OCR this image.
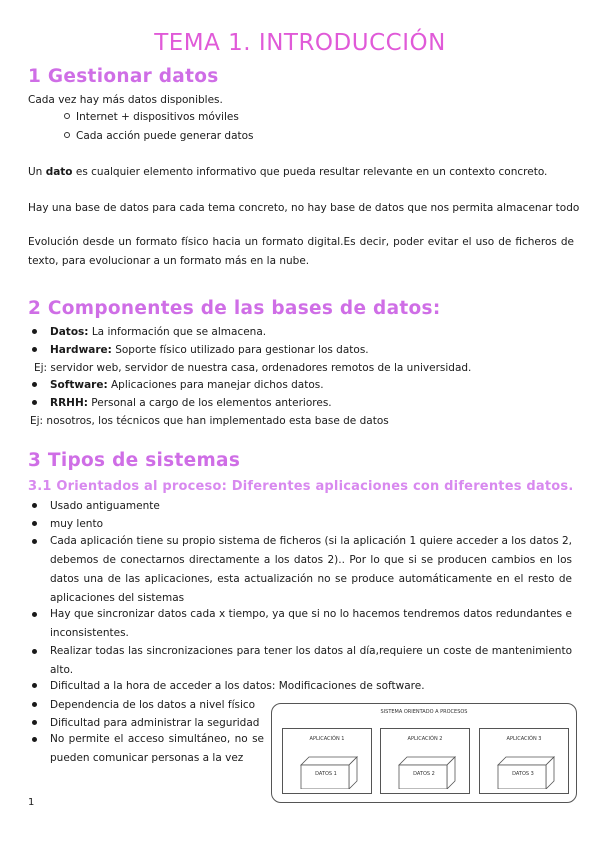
TEMA 1. INTRODUCCIÓN
1 Gestionar datos
Cada vez hay más datos disponibles.
Internet + dispositivos móviles
Cada acción puede generar datos
Un dato es cualquier elemento informativo que pueda resultar relevante en un contexto concreto.
Hay una base de datos para cada tema concreto, no hay base de datos que nos permita almacenar todo
Evolución desde un formato físico hacia un formato digital.Es decir, poder evitar el uso de ficheros de texto, para evolucionar a un formato más en la nube.
2 Componentes de las bases de datos:
Datos: La información que se almacena.
Hardware: Soporte físico utilizado para gestionar los datos.
Ej: servidor web, servidor de nuestra casa, ordenadores remotos de la universidad.
Software: Aplicaciones para manejar dichos datos.
RRHH: Personal a cargo de los elementos anteriores.
Ej: nosotros, los técnicos que han implementado esta base de datos
3 Tipos de sistemas
3.1 Orientados al proceso: Diferentes aplicaciones con diferentes datos.
Usado antiguamente
muy lento
Cada aplicación tiene su propio sistema de ficheros (si la aplicación 1 quiere acceder a los datos 2, debemos de conectarnos directamente a los datos 2).. Por lo que si se producen cambios en los datos una de las aplicaciones, esta actualización no se produce automáticamente en el resto de aplicaciones del sistemas
Hay que sincronizar datos cada x tiempo, ya que si no lo hacemos tendremos datos redundantes e inconsistentes.
Realizar todas las sincronizaciones para tener los datos al día,requiere un coste de mantenimiento alto.
Dificultad a la hora de acceder a los datos: Modificaciones de software.
Dependencia de los datos a nivel físico
Dificultad para administrar la seguridad
No permite el acceso simultáneo, no se pueden comunicar personas a la vez
SISTEMA ORIENTADO A PROCESOS
APLICACIÓN 1
DATOS 1
APLICACIÓN 2
DATOS 2
APLICACIÓN 3
DATOS 3
1
